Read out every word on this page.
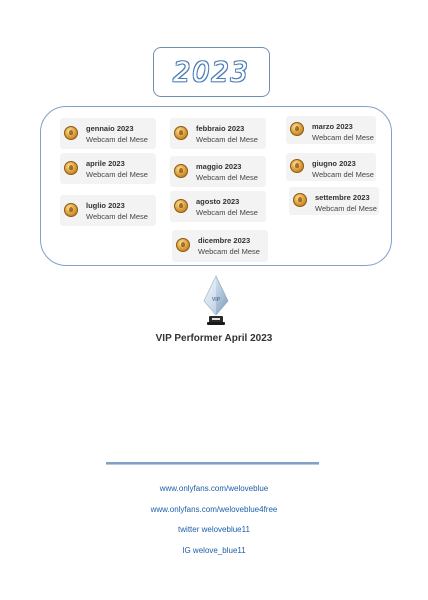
2023
gennaio 2023
Webcam del Mese
febbraio 2023
Webcam del Mese
marzo 2023
Webcam del Mese
aprile 2023
Webcam del Mese
maggio 2023
Webcam del Mese
giugno 2023
Webcam del Mese
luglio 2023
Webcam del Mese
agosto 2023
Webcam del Mese
settembre 2023
Webcam del Mese
dicembre 2023
Webcam del Mese
VIP
VIP Performer April 2023
www.onlyfans.com/weloveblue
www.onlyfans.com/weloveblue4free
twitter weloveblue11
IG welove_blue11
